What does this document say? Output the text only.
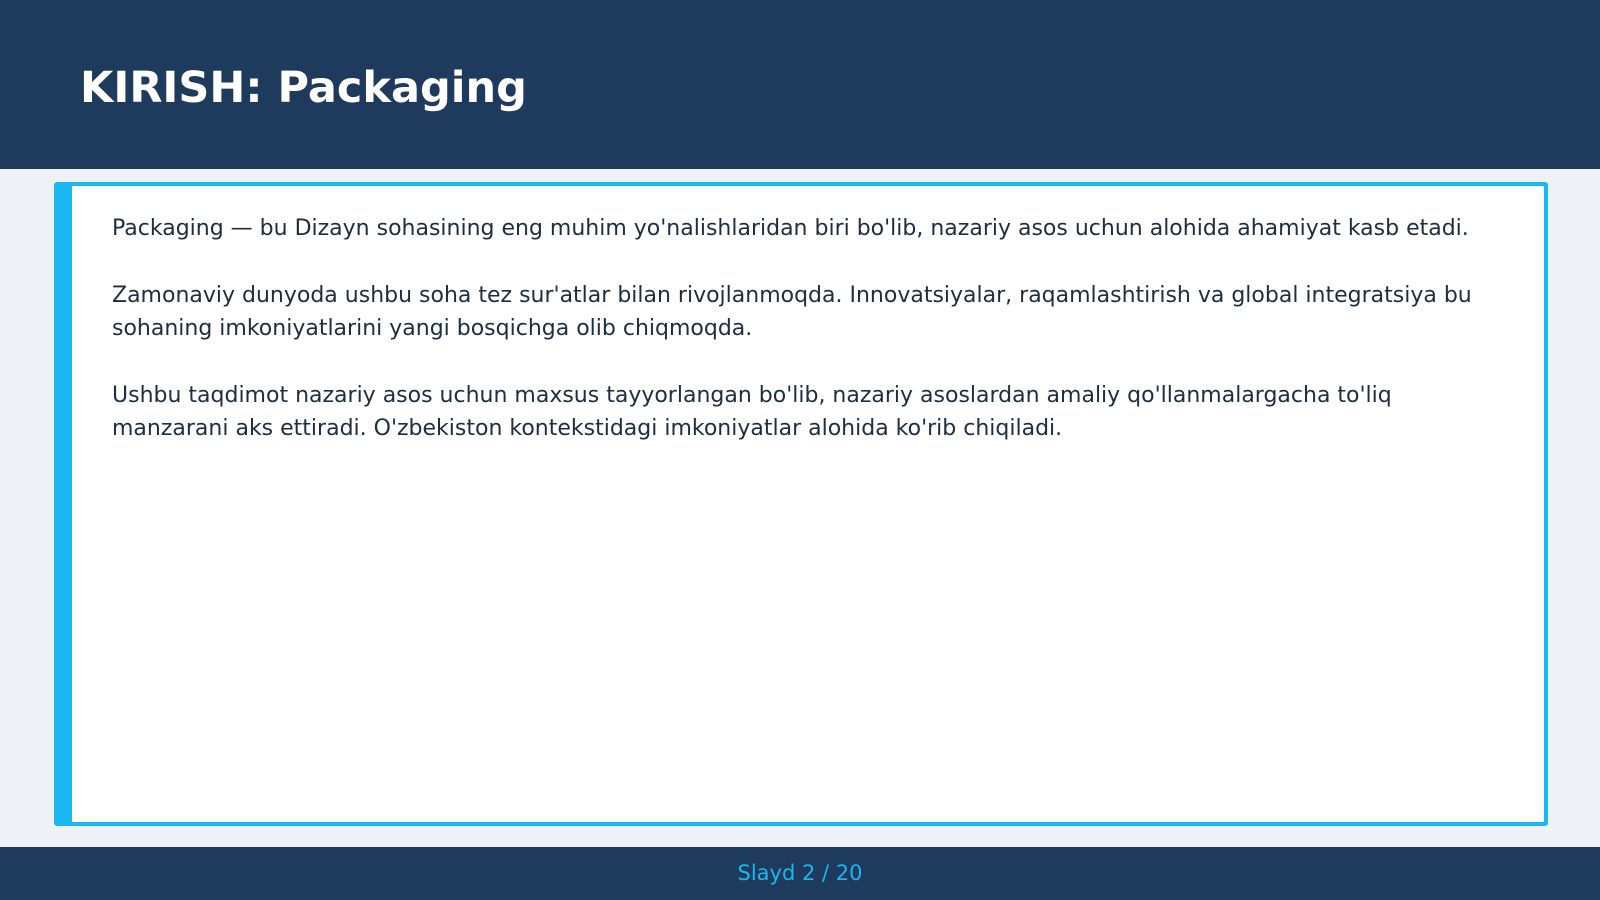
KIRISH: Packaging

Packaging — bu Dizayn sohasining eng muhim yo'nalishlaridan biri bo'lib, nazariy asos uchun alohida ahamiyat kasb etadi.

Zamonaviy dunyoda ushbu soha tez sur'atlar bilan rivojlanmoqda. Innovatsiyalar, raqamlashtirish va global integratsiya bu sohaning imkoniyatlarini yangi bosqichga olib chiqmoqda.

Ushbu taqdimot nazariy asos uchun maxsus tayyorlangan bo'lib, nazariy asoslardan amaliy qo'llanmalargacha to'liq manzarani aks ettiradi. O'zbekiston kontekstidagi imkoniyatlar alohida ko'rib chiqiladi.

Slayd 2 / 20
